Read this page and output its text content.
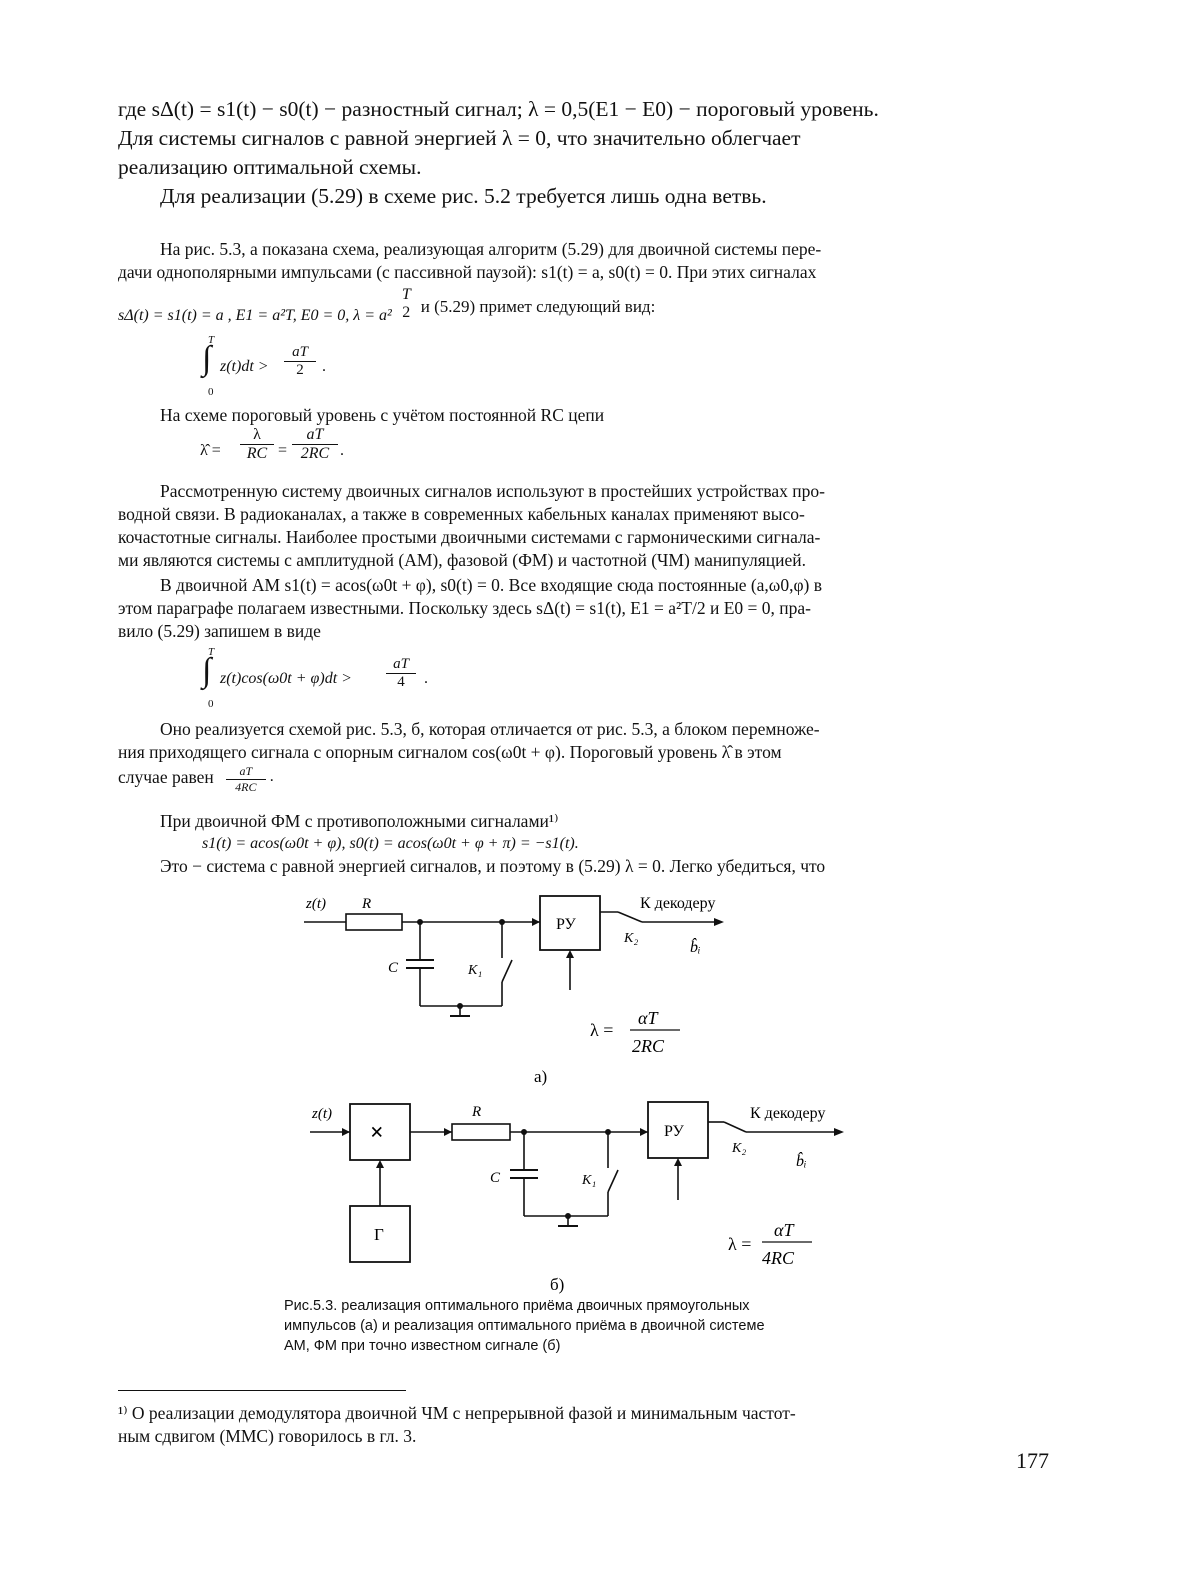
где sΔ(t) = s1(t) − s0(t) − разностный сигнал; λ = 0,5(E1 − E0) − пороговый уровень.
Для системы сигналов с равной энергией λ = 0, что значительно облегчает
реализацию оптимальной схемы.
Для реализации (5.29) в схеме рис. 5.2 требуется лишь одна ветвь.
На рис. 5.3, а показана схема, реализующая алгоритм (5.29) для двоичной системы пере-
дачи однополярными импульсами (с пассивной паузой): s1(t) = a, s0(t) = 0. При этих сигналах
sΔ(t) = s1(t) = a , E1 = a²T, E0 = 0, λ = a²
T
2 и (5.29) примет следующий вид:
T
∫
0
$z(t)dt > \frac{aT}{2}$ .
На схеме пороговый уровень с учётом постоянной RC цепи
λ̂ = $\frac{\lambda}{RC} = \frac{aT}{2RC}$ .
Рассмотренную систему двоичных сигналов используют в простейших устройствах про-
водной связи. В радиоканалах, а также в современных кабельных каналах применяют высо-
кочастотные сигналы. Наиболее простыми двоичными системами с гармоническими сигнала-
ми являются системы с амплитудной (АМ), фазовой (ФМ) и частотной (ЧМ) манипуляцией.
В двоичной АМ s1(t) = acos(ω0t + φ), s0(t) = 0. Все входящие сюда постоянные (a,ω0,φ) в
этом параграфе полагаем известными. Поскольку здесь sΔ(t) = s1(t), E1 = a²T/2 и E0 = 0, пра-
вило (5.29) запишем в виде
T
∫
0
$z(t)\cos(\omega 0t + \varphi)dt > \frac{aT}{4}$ .
Оно реализуется схемой рис. 5.3, б, которая отличается от рис. 5.3, а блоком перемноже-
ния приходящего сигнала с опорным сигналом cos(ω0t + φ). Пороговый уровень λ̂ в этом
случае равен $\frac{aT}{4RC}$ .
При двоичной ФМ с противоположными сигналами¹⁾
s1(t) = acos(ω0t + φ), s0(t) = acos(ω0t + φ + π) = −s1(t).
Это − система с равной энергией сигналов, и поэтому в (5.29) λ = 0. Легко убедиться, что
z(t) R
C	K₁
РУ
К декодеру
K₂
b̂ᵢ
λ =
αT
2RC
а)
z(t)
×
Г
R
C	K₁
РУ
К декодеру
K₂
b̂ᵢ
λ =
αT
4RC
б)
Рис.5.3. реализация оптимального приёма двоичных прямоугольных
импульсов (а) и реализация оптимального приёма в двоичной системе
АМ, ФМ при точно известном сигнале (б)
¹⁾ О реализации демодулятора двоичной ЧМ с непрерывной фазой и минимальным частот-
ным сдвигом (ММС) говорилось в гл. 3.
177
